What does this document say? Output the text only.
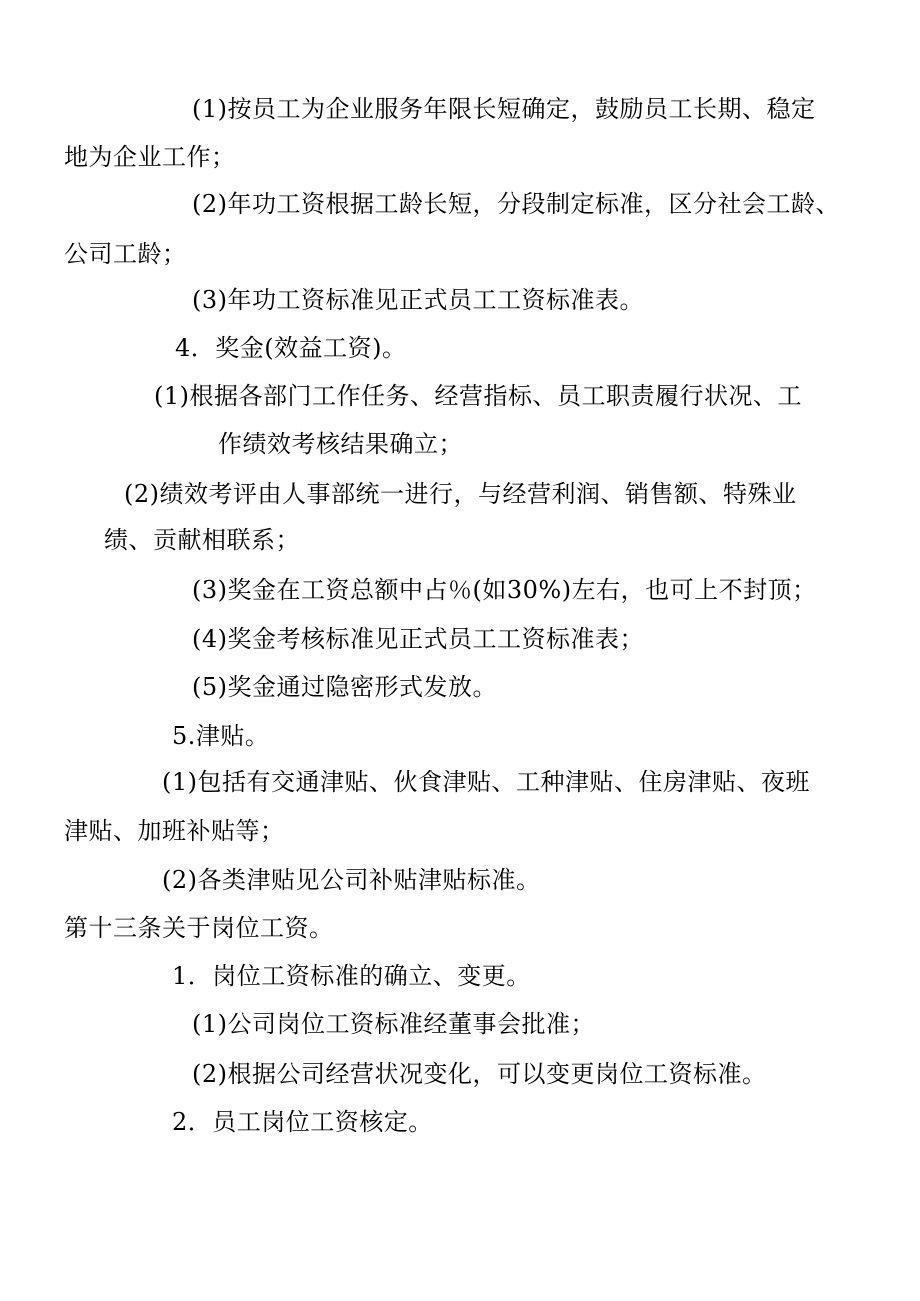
(1)按员工为企业服务年限长短确定，鼓励员工长期、稳定
地为企业工作；
(2)年功工资根据工龄长短，分段制定标准，区分社会工龄、
公司工龄；
(3)年功工资标准见正式员工工资标准表。
4．奖金(效益工资)。
(1)根据各部门工作任务、经营指标、员工职责履行状况、工
作绩效考核结果确立；
(2)绩效考评由人事部统一进行，与经营利润、销售额、特殊业
绩、贡献相联系；
(3)奖金在工资总额中占％(如30%)左右，也可上不封顶；
(4)奖金考核标准见正式员工工资标准表；
(5)奖金通过隐密形式发放。
5.津贴。
(1)包括有交通津贴、伙食津贴、工种津贴、住房津贴、夜班
津贴、加班补贴等；
(2)各类津贴见公司补贴津贴标准。
第十三条关于岗位工资。
1．岗位工资标准的确立、变更。
(1)公司岗位工资标准经董事会批准；
(2)根据公司经营状况变化，可以变更岗位工资标准。
2．员工岗位工资核定。
